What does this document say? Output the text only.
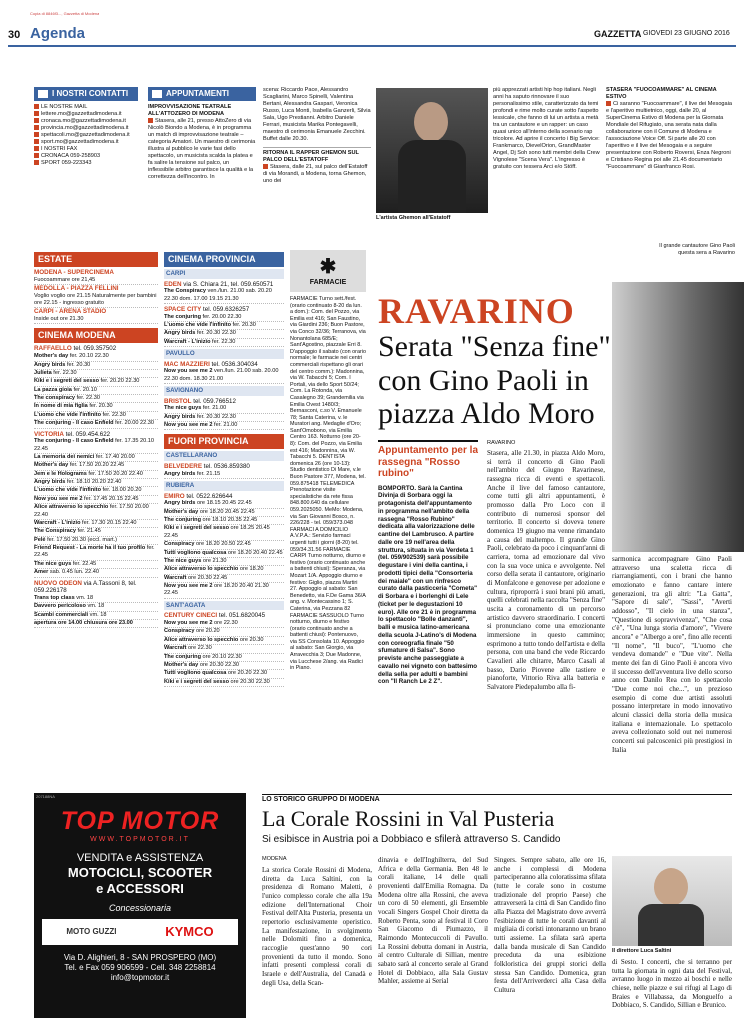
Copia di 8846f3..., Gazzetta di Modena
30 Agenda	GAZZETTA GIOVEDÌ 23 GIUGNO 2016
I NOSTRI CONTATTI
LE NOSTRE MAIL
lettere.mo@gazzettadimodena.it
cronaca.mo@gazzettadimodena.it
provincia.mo@gazzettadimodena.it
spettacoli.mo@gazzettadimodena.it
sport.mo@gazzettadimodena.it
I NOSTRI FAX
CRONACA 059-258903
SPORT 059-223343
APPUNTAMENTI
IMPROVVISAZIONE TEATRALE ALL'ATTOZERO DI MODENA
Stasera, alle 21, presso AttoZero di via Nicolò Biondo a Modena, è in programma un match di improvvisazione teatrale – categoria Amatori. Un maestro di cerimonia illustra al pubblico le varie fasi dello spettacolo, un musicista scalda la platea e fa salire la tensione sul palco, un inflessibile arbitro garantisce la qualità e la correttezza dell'incontro. In
scena: Riccardo Pace, Alessandro Scagliarini, Marco Spinelli, Valentina Bertani, Alessandra Gaspari, Veronica Russo, Luca Monti, Isabella Ganzerli, Silvia Sala, Ugo Prestianni. Arbitro Daniele Ferrari, musicista Marika Pontegavelli, maestro di cerimonia Emanuele Zecchini. Buffet dalle 20.30.
RITORNA IL RAPPER GHEMON SUL PALCO DELL'ESTATOFF
Stasera, dalle 21, sul palco dell'Estatoff di via Morandi, a Modena, torna Ghemon, uno dei
L'artista Ghemon all'Estatoff
più apprezzati artisti hip hop italiani. Negli anni ha saputo rinnovare il suo personalissimo stile, caratterizzato da temi profondi e rime molto curate sotto l'aspetto lessicale, che fanno di lui un artista a metà tra un cantautore e un rapper: un caso quasi unico all'interno della scenario rap tricolore. Ad aprire il concerto i Big Service: Frankmarco, DievelOrion, GrandMaster Angel, Dj Soh sono tutti membri della Crew Vignolese "Scena Vera". L'ingresso è gratuito con tessera Arci e/o Stöff.
STASERA "FUOCOAMMARE" AL CINEMA ESTIVO
Ci saranno "Fuocoammare", il live dei Mesogaia e l'aperitivo multietnico, oggi, dalle 20, al SuperCinema Estivo di Modena per la Giornata Mondiale del Rifugiato, una serata nata dalla collaborazione con il Comune di Modena e l'associazione Voice Off. Si parte alle 20 con l'aperitivo e il live dei Mesogaia e a seguire presentazione con Roberto Roversi, Enza Negroni e Cristiano Regina poi alle 21.45 documentario "Fuocoammare" di Gianfranco Rosi.
ESTATE
MODENA - SUPERCINEMA
Fuocoammare ore 21,45
MEDOLLA - PIAZZA FELLINI
Voglio voglio ore 21.15 Naturalmente per bambini ore 22.15 - ingresso gratuito
CARPI - ARENA STADIO
Inside out ore 21.30
CINEMA MODENA
RAFFAELLO tel. 059.357502
Mother's day fer. 20.10 22.30
Angry birds fer. 20.30
Julieta fer. 22.30
Kiki e i segreti del sesso fer. 20.20 22.30
La pazza gioia fer. 20.10
The conspiracy fer. 22.30
In nome di mia figlia fer. 20.30
L'uomo che vide l'infinito fer. 22.30
The conjuring - Il caso Enfield fer. 20.00 22.30
VICTORIA tel. 059.454.622
The conjuring - Il caso Enfield fer. 17.35 20.10 22.45
La memoria dei nemici fer. 17.40 20.00
Mother's day fer. 17.50 20.20 22.45
Jem e le Holograms fer. 17.50 20.20 22.40
Angry birds fer. 18.10 20.20 22.40
L'uomo che vide l'infinito fer. 18.00 20.20
Now you see me 2 fer. 17.45 20.15 22.45
Alice attraverso lo specchio fer. 17.50 20.00 22.40
Warcraft - L'inizio fer. 17.30 20.15 22.40
The Conspiracy fer. 21.45
Pelé fer. 17.50 20.30 (eccl. mart.)
Friend Request - La morte ha il tuo profilo fer. 22.45
The nice guys fer. 22.45
Amer sab. 0.45 lun. 22.40
NUOVO ODEON via A.Tassoni 8, tel. 059.226178
Trans top class vm. 18
Davvero pericoloso vm. 18
Scambi commerciali vm. 18
apertura ore 14.00 chiusura ore 23.00
CINEMA PROVINCIA
CARPI
EDEN via S. Chiara 21, tel. 059.650571
The Conspiracy ven./lun. 21.00 sab. 20.20 22.30 dom. 17.00 19.15 21.30
SPACE CITY tel. 059.6326257
The conjuring fer. 20.00 22.30
L'uomo che vide l'infinito fer. 20.30
Angry birds fer. 20.30 22.30
Warcraft - L'inizio fer. 22.30
PAVULLO
MAC MAZZIERI tel. 0536.304034
Now you see me 2 ven./lun. 21.00 sab. 20.00 22.30 dom. 18.30 21.00
SAVIGNANO
BRISTOL tel. 059.766512
The nice guys fer. 21.00
Angry birds fer. 20.30 22.30
Now you see me 2 fer. 21.00
FUORI PROVINCIA
CASTELLARANO
BELVEDERE tel. 0536.859380
Angry birds fer. 21.15
RUBIERA
EMIRO tel. 0522.626644
Angry birds ore 18.15 20.45 22.45
Mother's day ore 18.20 20.45 22.45
The conjuring ore 18.10 20.35 22.45
Kiki e i segreti del sesso ore 18.25 20.45 22.45
Conspiracy ore 18.20 20.50 22.45
Tutti vogliono qualcosa ore 18.20 20.40 22.45
The nice guys ore 21.30
Alice attraverso lo specchio ore 18.20
Warcraft ore 20.30 22.45
Now you see me 2 ore 18.20 20.40 21.30 22.45
SANT'AGATA
CENTURY CINECI tel. 051.6820045
Now you see me 2 ore 22.30
Conspiracy ore 20.20
Alice attraverso lo specchio ore 20.30
Warcraft ore 22.30
The conjuring ore 20.10 22.30
Mother's day ore 20.30 22.30
Tutti vogliono qualcosa ore 20.20 22.30
Kiki e i segreti del sesso ore 20.30 22.30
✱
FARMACIE
FARMACIE Turno sett./fest. (orario continuato 8-20 da lun. a dom.): Com. del Pozzo, via Emilia est 416; San Faustino, via Giardini 236; Buon Pastore, via Conco 32/36; Terranova, via Nonantolana 685/E; Sant'Agostino, piazzale Erri 8. D'appoggio il sabato (con orario normale; le farmacie nei centri commerciali rispettano gli orari del centro comm.): Madonnina, via W. Tabacchi 5; Com. I Portali, via dello Sport 50/24; Com. La Rotonda, via Casalegno 39; Grandemilia via Emilia Ovest 1480/3; Bernasconi, c.so V. Emanuele 78; Santa Caterina, v. le Muratori ang. Medaglie d'Oro; Sant'Omobono, via Emilia Centro 163. Notturno (ore 20-8): Com. del Pozzo, via Emilia est 416; Madonnina, via W. Tabacchi 5. DENTISTA domenica 26 (ore 10-13): Studio dentistico Di Mare, v.le Buon Pastore 377, Modena, tel. 059.875418 TELEMEDICA Prenotazione visite specialistiche da rete fissa 848.800.640 da cellulare 059.2025050. MeMo: Modena, via San Giovanni Bosco, n. 226/228 - tel. 059/373.048 FARMACI A DOMICILIO A.V.P.A.: Servizio farmaci urgenti tutti i giorni (8-20) tel. 059/34.31.56 FARMACIE CARPI Turno notturno, diurno e festivo (orario continuato anche a battenti chiusi): Speranza, via Mozart 1/A. Appoggio diurno e festivo: Giglio, piazza Martiri 27. Appoggio al sabato: San Benedetto, via F.De Gama 36/A ang. v. Montecassino 1; S. Caterina, via Pezzana 82 FARMACIE SASSUOLO Turno notturno, diurno e festivo (orario continuato anche a battenti chiusi): Pontenuovo, via SS Consolata 10. Appoggio al sabato: San Giorgio, via Arravecchia 3; Due Madonne, via Lucchese 2/ang. via Radici in Piano.
RAVARINO
Serata "Senza fine" con Gino Paoli in piazza Aldo Moro
Il grande cantautore Gino Paoli questa sera a Ravarino
Appuntamento per la rassegna "Rosso rubino"
BOMPORTO. Sarà la Cantina Divinja di Sorbara oggi la protagonista dell'appuntamento in programma nell'ambito della rassegna "Rosso Rubino" dedicata alla valorizzazione delle cantine del Lambrusco. A partire dalle ore 19 nell'area della struttura, situata in via Verdeta 1 (tel. 059/902539) sarà possibile degustare i vini della cantina, i prodotti tipici della "Consorteria dei maiale" con un rinfresco curato dalla pasticceria "Cometa" di Sorbara e i borlenghi di Lele (ticket per le degustazioni 10 euro). Alle ore 21 è in programma lo spettacolo "Bolle danzanti", balli e musica latino-americana della scuola J-Latino's di Modena con coreografia finale "50 sfumature di Salsa". Sono previste anche passeggiate a cavallo nei vigneto con battesimo della sella per adulti e bambini con "Il Ranch Le 2 Z".
RAVARINO
Stasera, alle 21.30, in piazza Aldo Moro, si terrà il concerto di Gino Paoli nell'ambito del Giugno Ravarinese, rassegna ricca di eventi e spettacoli. Anche il live del famoso cantautore, come tutti gli altri appuntamenti, è promosso dalla Pro Loco con il contributo di numerosi sponsor del territorio. Il concerto si doveva tenere domenica 19 giugno ma venne rimandato a causa del maltempo. Il grande Gino Paoli, celebrato da poco i cinquant'anni di carriera, torna ad emozionare dal vivo con la sua voce unica e avvolgente. Nel corso della serata il cantautore, originario di Monfalcone e genovese per adozione e cultura, riproporrà i suoi brani più amati, quelli celebrati nella raccolta "Senza fine" uscita a coronamento di un percorso artistico davvero straordinario. I concerti si pronunciano come una emozionante immersione in questo cammino; esprimono a tutto tondo dell'artista e della persona, con una band che vede Riccardo Cavalieri alle chitarre, Marco Casali al basso, Dario Piovene alle tastiere e pianoforte, Vittorio Riva alla batteria e Salvatore Piedepalumbo alla fi-
sarmonica accompagnare Gino Paoli attraverso una scaletta ricca di riarrangiamenti, con i brani che hanno emozionato e fanno cantare intere generazioni, tra gli altri: "La Gatta", "Sapore di sale", "Sassi", "Averti addosso", "Il cielo in una stanza", "Questione di sopravvivenza", "Che cosa c'è", "Una lunga storia d'amore", "Vivere ancora" e "Albergo a ore", fino alle recenti "Il nome", "Il buco", "L'uomo che vendeva domande" e "Due vite". Nella mente dei fan di Gino Paoli è ancora vivo il successo dell'avventura live dello scorso anno con Danilo Rea con lo spettacolo "Due come noi che...", un prezioso esempio di come due artisti assoluti possano interpretare in modo innovativo alcuni classici della storia della musica italiana e internazionale. Lo spettacolo aveva collezionato sold out nei numerosi concerti sui palcoscenici più prestigiosi in Italia
207188NA
TOP MOTOR
WWW.TOPMOTOR.IT
VENDITA e ASSISTENZA
MOTOCICLI, SCOOTER
e ACCESSORI
Concessionaria
MOTO GUZZI	KYMCO
Via D. Alighieri, 8 - SAN PROSPERO (MO)
Tel. e Fax 059 906599 - Cell. 348 2258814
info@topmotor.it
LO STORICO GRUPPO DI MODENA
La Corale Rossini in Val Pusteria
Si esibisce in Austria poi a Dobbiaco e sfilerà attraverso S. Candido
MODENA
La storica Corale Rossini di Modena, diretta da Luca Saltini, con la presidenza di Romano Maletti, è l'unico complesso corale che alla 19a edizione dell'International Choir Festival dell'Alta Pusteria, presenta un repertorio esclusivamente operistico. La manifestazione, in svolgimento nelle Dolomiti fino a domenica, raccoglie quest'anno 90 cori provenienti da tutto il mondo. Sono infatti presenti complessi corali di Israele e dell'Australia, del Canadà e degli Usa, della Scan-
dinavia e dell'Inghilterra, del Sud Africa e della Germania. Ben 48 le corali italiane, 14 delle quali provenienti dall'Emilia Romagna. Da Modena oltre alla Rossini, che aveva un coro di 50 elementi, gli Ensemble vocali Singers Gospel Choir diretta da Roberto Penta, sono al festival il Coro San Giacomo di Piumazzo, il Raimondo Montecuccoli di Pavullo. La Rossini debutta domani in Austria, al centro Culturale di Sillian, mentre sabato sarà al concerto serale al Grand Hotel di Dobbiaco, alla Sala Gustav Mahler, assieme ai Serial
Singers. Sempre sabato, alle ore 16, anche i complessi di Modena parteciperanno alla coloratissima sfilata (tutte le corale sono in costume tradizionale del proprio Paese) che attraverserà la città di San Candido fino alla Piazza del Magistrato dove avverrà l'esibizione di tutte le corali davanti al migliaia di coristi intonaranno un brano tutti assieme. La sfilata sarà aperta dalla banda musicale di San Candido preceduta da una esibizione folkloristica dei gruppi storici della stessa San Candido. Domenica, gran festa dell'Arriverderci alla Casa della Cultura
Il direttore Luca Saltini
di Sesto. I concerti, che si terranno per tutta la giornata in ogni data del Festival, avranno luogo in mezzo ai boschi e nelle chiese, nelle piazze e sui rifugi al Lago di Braies e Villabassa, da Monguelfo a Dobbiaco, S. Candido, Sillian e Brunico.
